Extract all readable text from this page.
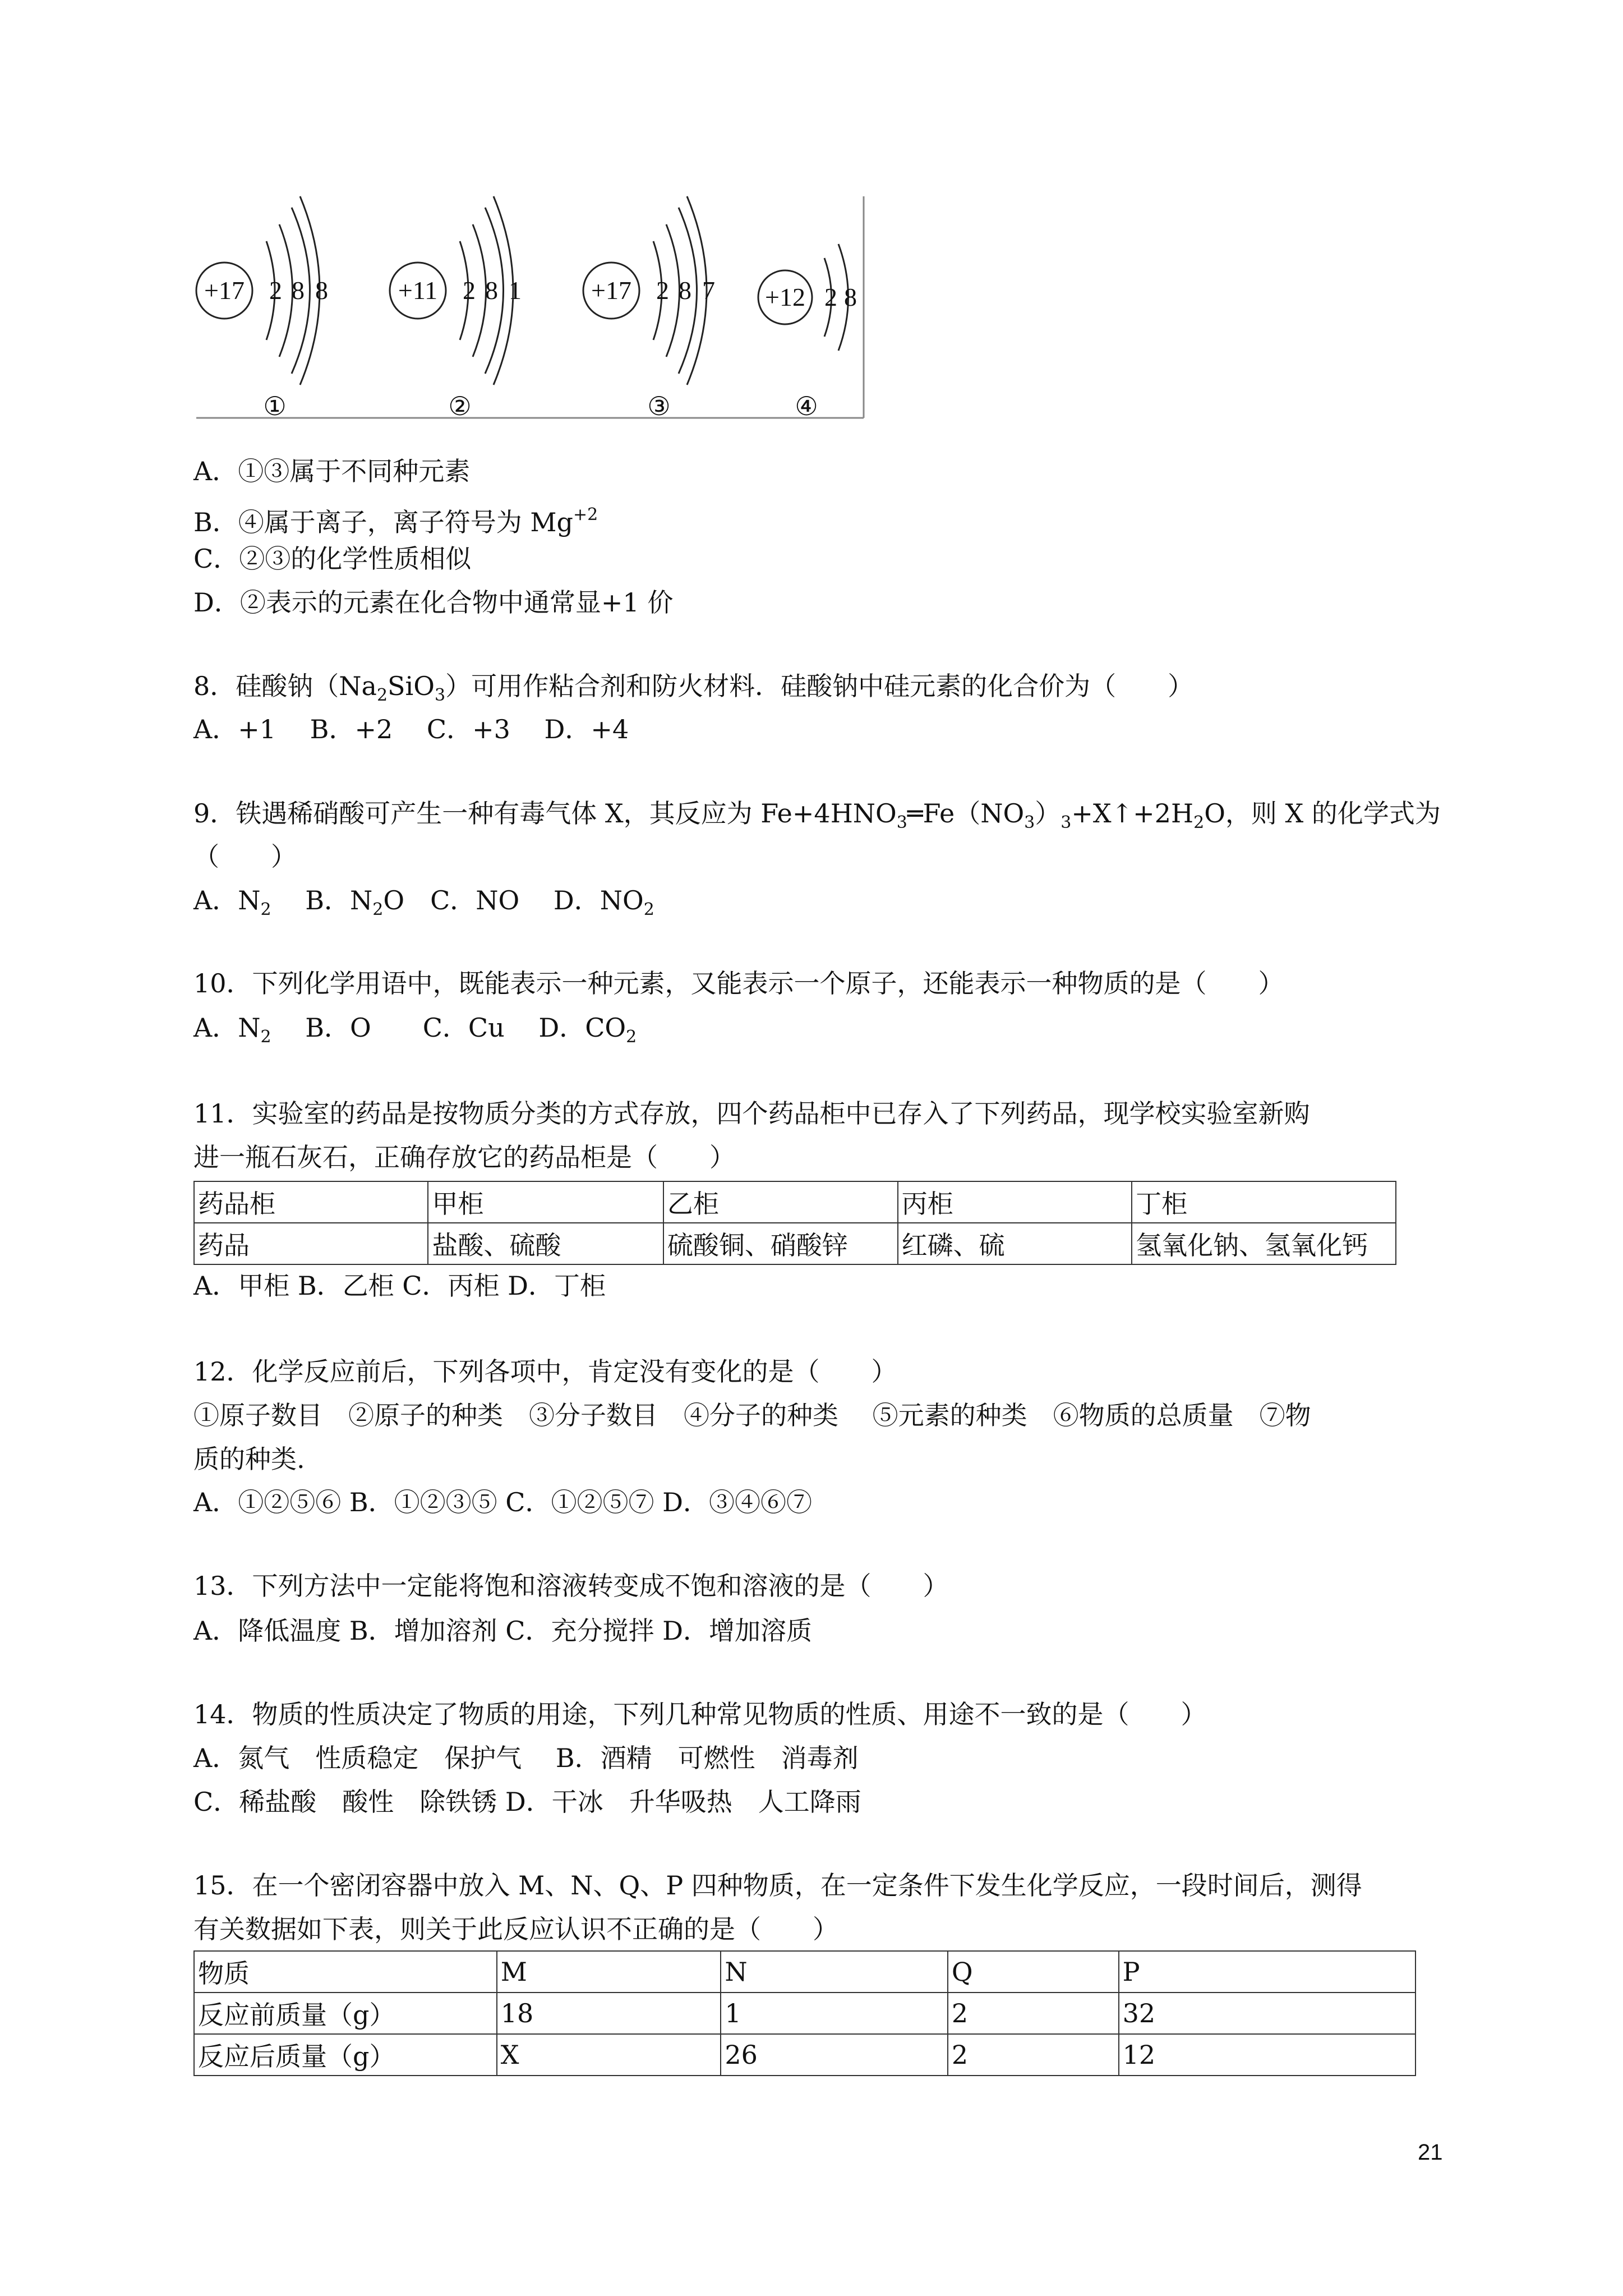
+17 2 8 8	+11 2 8 1	+17 2 8 7 +12 2 8
①	②	③	④
A．①③属于不同种元素
B．④属于离子，离子符号为 $Mg^{+2}$
C．②③的化学性质相似
D．②表示的元素在化合物中通常显+1 价
8．硅酸钠$(Na_2SiO_3)$可用作粘合剂和防火材料．硅酸钠中硅元素的化合价为（　　）
A．+1　 B．+2　 C．+3　 D．+4
9．铁遇稀硝酸可产生一种有毒气体 X，其反应为 $Fe+4HNO_3═Fe(NO_3)_3+X↑+2H_2O$，则 X 的化学式为
（　　）
A．$N_2$　 B．$N_2O$　C．NO　 D．$NO_2$
10．下列化学用语中，既能表示一种元素，又能表示一个原子，还能表示一种物质的是（　　）
A．$N_2$　 B．O　　C．Cu　 D．$CO_2$
11．实验室的药品是按物质分类的方式存放，四个药品柜中已存入了下列药品，现学校实验室新购
进一瓶石灰石，正确存放它的药品柜是（　　）
药品柜	甲柜	乙柜	丙柜	丁柜
药品	盐酸、硫酸	硫酸铜、硝酸锌	红磷、硫	氢氧化钠、氢氧化钙
A．甲柜 B．乙柜 C．丙柜 D．丁柜
12．化学反应前后，下列各项中，肯定没有变化的是（　　）
①原子数目　②原子的种类　③分子数目　④分子的种类　 ⑤元素的种类　⑥物质的总质量　⑦物
质的种类.
A．①②⑤⑥ B．①②③⑤ C．①②⑤⑦ D．③④⑥⑦
13．下列方法中一定能将饱和溶液转变成不饱和溶液的是（　　）
A．降低温度 B．增加溶剂 C．充分搅拌 D．增加溶质
14．物质的性质决定了物质的用途，下列几种常见物质的性质、用途不一致的是（　　）
A．氮气　性质稳定　保护气　 B．酒精　可燃性　消毒剂
C．稀盐酸　酸性　除铁锈 D．干冰　升华吸热　人工降雨
15．在一个密闭容器中放入 M、N、Q、P 四种物质，在一定条件下发生化学反应，一段时间后，测得
有关数据如下表，则关于此反应认识不正确的是（　　）
物质	M	N	Q	P
反应前质量（g）	18	1	2	32
反应后质量（g）	X	26	2	12
21
